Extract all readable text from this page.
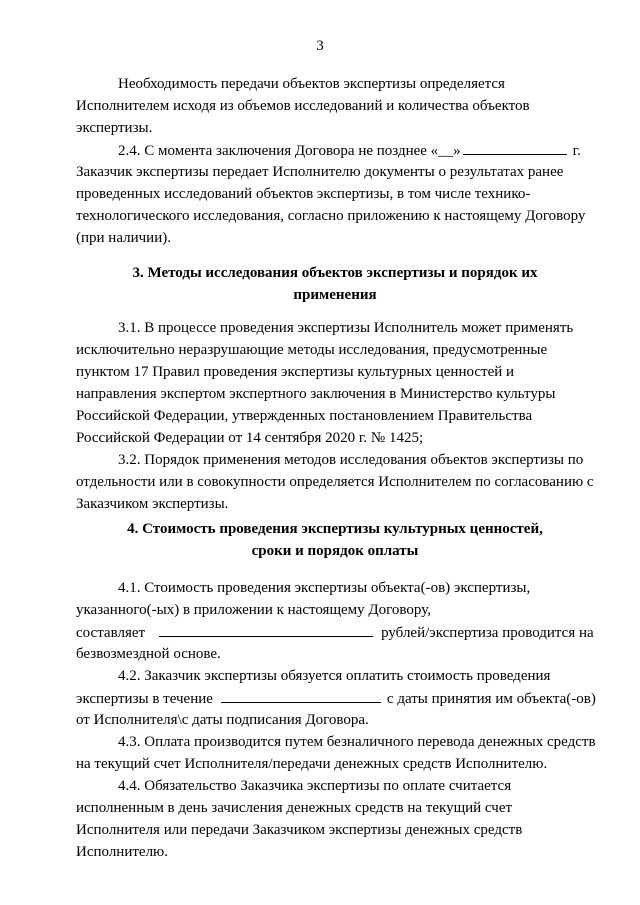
3
Необходимость передачи объектов экспертизы определяется
Исполнителем исходя из объемов исследований и количества объектов
экспертизы.
2.4. С момента заключения Договора не позднее «__»	г.
Заказчик экспертизы передает Исполнителю документы о результатах ранее
проведенных исследований объектов экспертизы, в том числе технико-
технологического исследования, согласно приложению к настоящему Договору
(при наличии).
3. Методы исследования объектов экспертизы и порядок их
применения
3.1. В процессе проведения экспертизы Исполнитель может применять
исключительно неразрушающие методы исследования, предусмотренные
пунктом 17 Правил проведения экспертизы культурных ценностей и
направления экспертом экспертного заключения в Министерство культуры
Российской Федерации, утвержденных постановлением Правительства
Российской Федерации от 14 сентября 2020 г. № 1425;
3.2. Порядок применения методов исследования объектов экспертизы по
отдельности или в совокупности определяется Исполнителем по согласованию с
Заказчиком экспертизы.
4. Стоимость проведения экспертизы культурных ценностей,
сроки и порядок оплаты
4.1. Стоимость проведения экспертизы объекта(-ов) экспертизы,
указанного(-ых) в приложении к настоящему Договору,
составляет	рублей/экспертиза проводится на
безвозмездной основе.
4.2. Заказчик экспертизы обязуется оплатить стоимость проведения
экспертизы в течение	с даты принятия им объекта(-ов)
от Исполнителя\с даты подписания Договора.
4.3. Оплата производится путем безналичного перевода денежных средств
на текущий счет Исполнителя/передачи денежных средств Исполнителю.
4.4. Обязательство Заказчика экспертизы по оплате считается
исполненным в день зачисления денежных средств на текущий счет
Исполнителя или передачи Заказчиком экспертизы денежных средств
Исполнителю.
